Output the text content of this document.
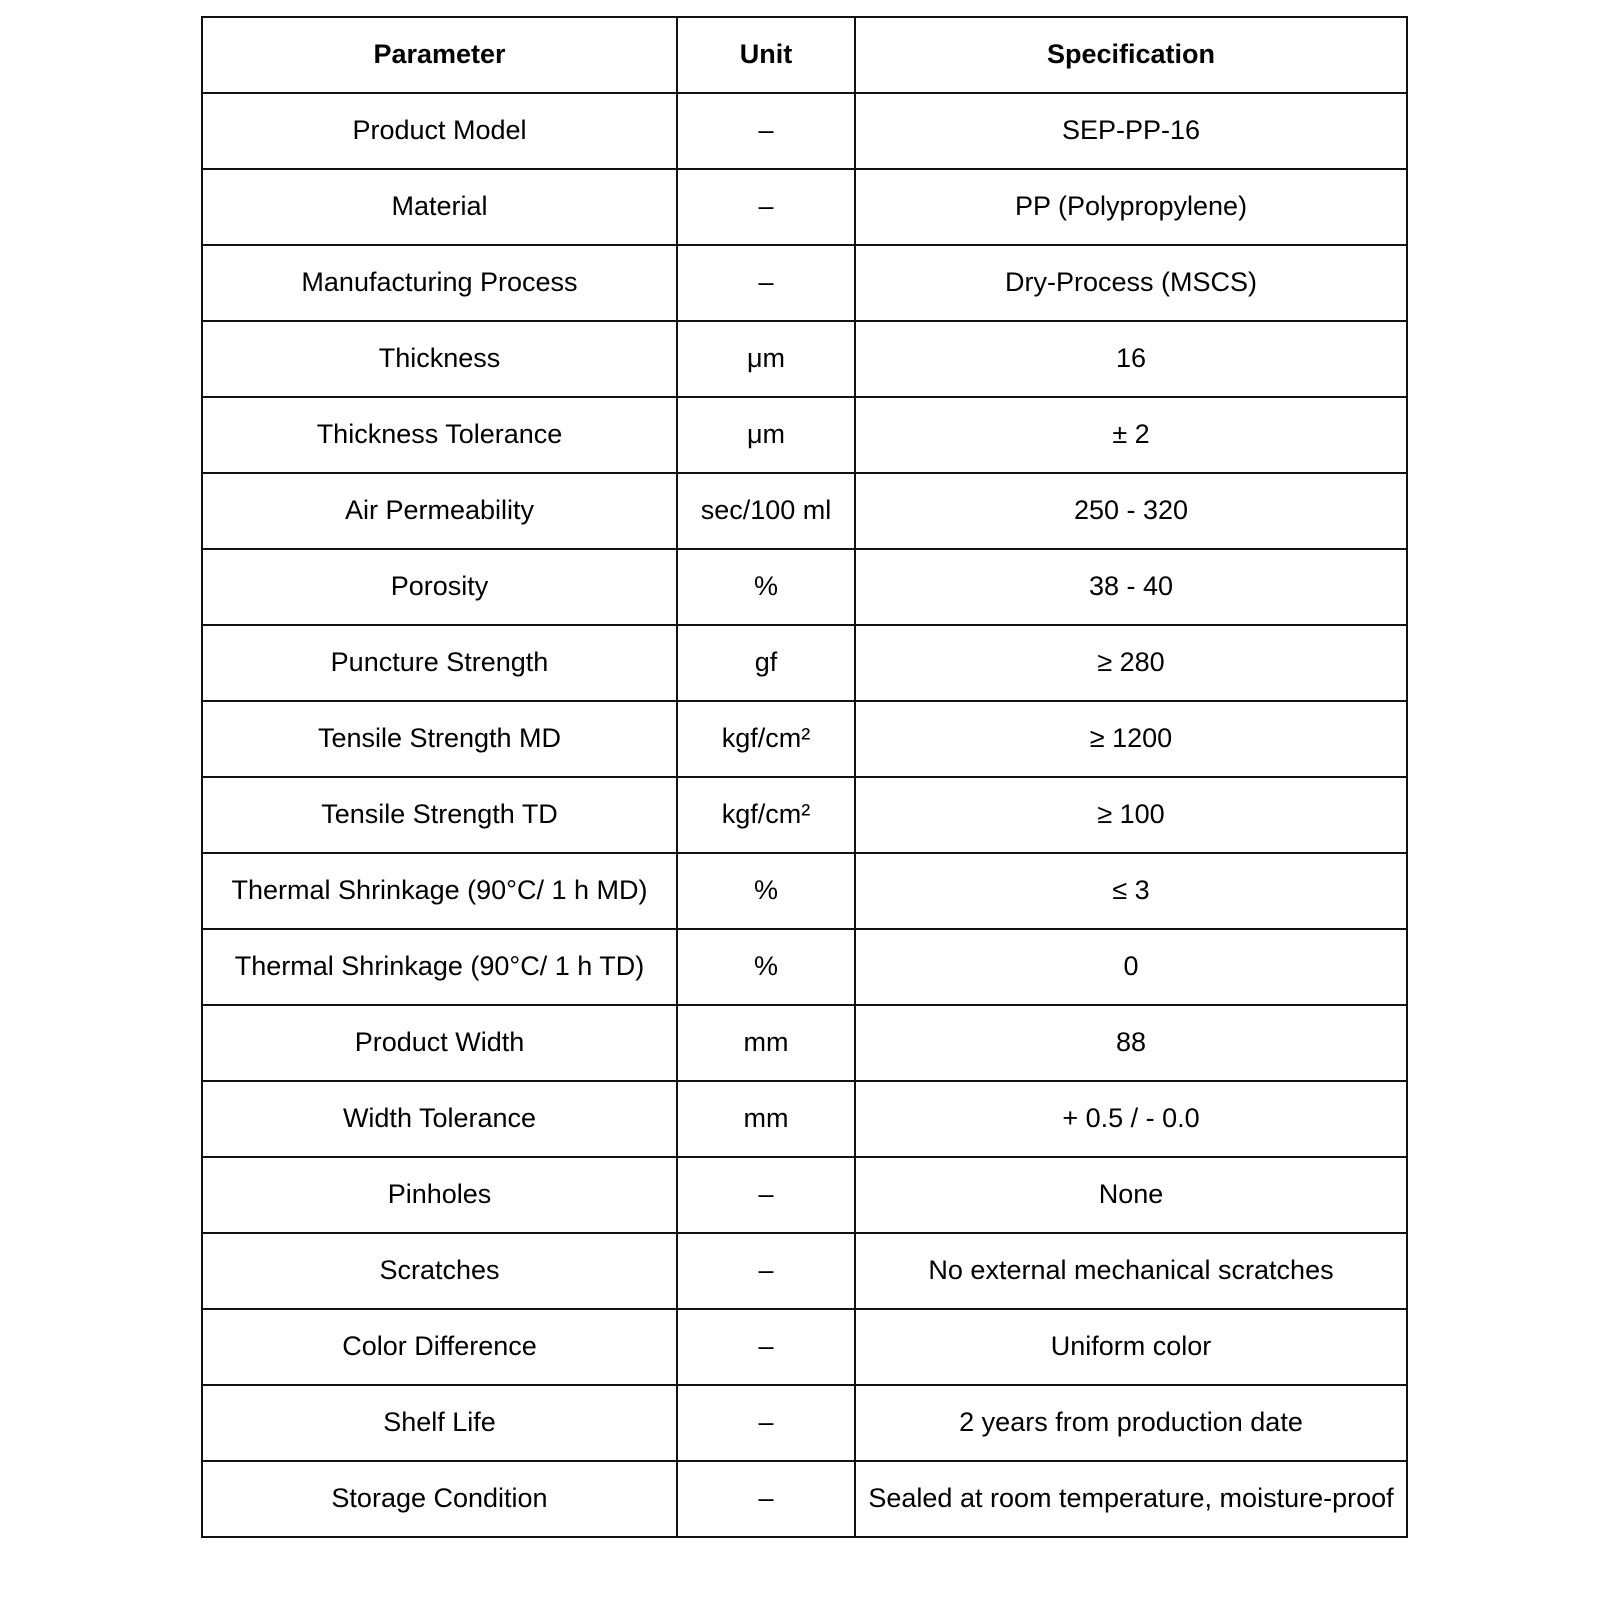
Parameter	Unit	Specification
Product Model	–	SEP-PP-16
Material	–	PP (Polypropylene)
Manufacturing Process	–	Dry-Process (MSCS)
Thickness	μm	16
Thickness Tolerance	μm	± 2
Air Permeability	sec/100 ml	250 - 320
Porosity	%	38 - 40
Puncture Strength	gf	≥ 280
Tensile Strength MD	kgf/cm²	≥ 1200
Tensile Strength TD	kgf/cm²	≥ 100
Thermal Shrinkage (90°C/ 1 h MD)	%	≤ 3
Thermal Shrinkage (90°C/ 1 h TD)	%	0
Product Width	mm	88
Width Tolerance	mm	+ 0.5 / - 0.0
Pinholes	–	None
Scratches	–	No external mechanical scratches
Color Difference	–	Uniform color
Shelf Life	–	2 years from production date
Storage Condition	–	Sealed at room temperature, moisture-proof
